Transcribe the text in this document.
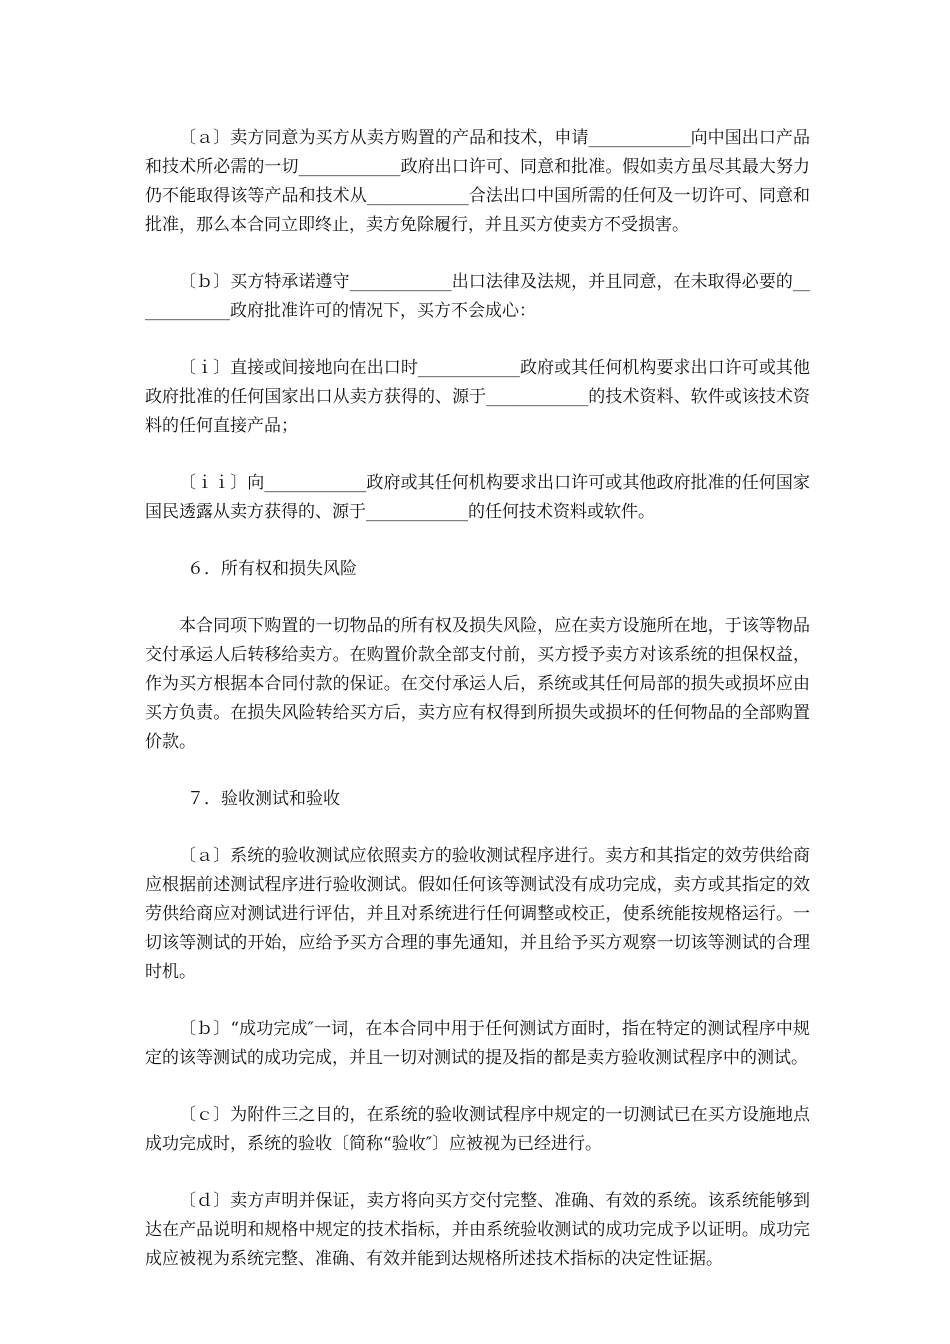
〔ａ〕卖方同意为买方从卖方购置的产品和技术，申请____________向中国出口产品和技术所必需的一切____________政府出口许可、同意和批准。假如卖方虽尽其最大努力仍不能取得该等产品和技术从____________合法出口中国所需的任何及一切许可、同意和批准，那么本合同立即终止，卖方免除履行，并且买方使卖方不受损害。

〔ｂ〕买方特承诺遵守____________出口法律及法规，并且同意，在未取得必要的____________政府批准许可的情况下，买方不会成心：

〔ｉ〕直接或间接地向在出口时____________政府或其任何机构要求出口许可或其他政府批准的任何国家出口从卖方获得的、源于____________的技术资料、软件或该技术资料的任何直接产品；

〔ｉｉ〕向____________政府或其任何机构要求出口许可或其他政府批准的任何国家国民透露从卖方获得的、源于____________的任何技术资料或软件。

６．所有权和损失风险

本合同项下购置的一切物品的所有权及损失风险，应在卖方设施所在地，于该等物品交付承运人后转移给卖方。在购置价款全部支付前，买方授予卖方对该系统的担保权益，作为买方根据本合同付款的保证。在交付承运人后，系统或其任何局部的损失或损坏应由买方负责。在损失风险转给买方后，卖方应有权得到所损失或损坏的任何物品的全部购置价款。

７．验收测试和验收

〔ａ〕系统的验收测试应依照卖方的验收测试程序进行。卖方和其指定的效劳供给商应根据前述测试程序进行验收测试。假如任何该等测试没有成功完成，卖方或其指定的效劳供给商应对测试进行评估，并且对系统进行任何调整或校正，使系统能按规格运行。一切该等测试的开始，应给予买方合理的事先通知，并且给予买方观察一切该等测试的合理时机。

〔ｂ〕“成功完成″一词，在本合同中用于任何测试方面时，指在特定的测试程序中规定的该等测试的成功完成，并且一切对测试的提及指的都是卖方验收测试程序中的测试。

〔ｃ〕为附件三之目的，在系统的验收测试程序中规定的一切测试已在买方设施地点成功完成时，系统的验收〔简称“验收″〕应被视为已经进行。

〔ｄ〕卖方声明并保证，卖方将向买方交付完整、准确、有效的系统。该系统能够到达在产品说明和规格中规定的技术指标，并由系统验收测试的成功完成予以证明。成功完成应被视为系统完整、准确、有效并能到达规格所述技术指标的决定性证据。
